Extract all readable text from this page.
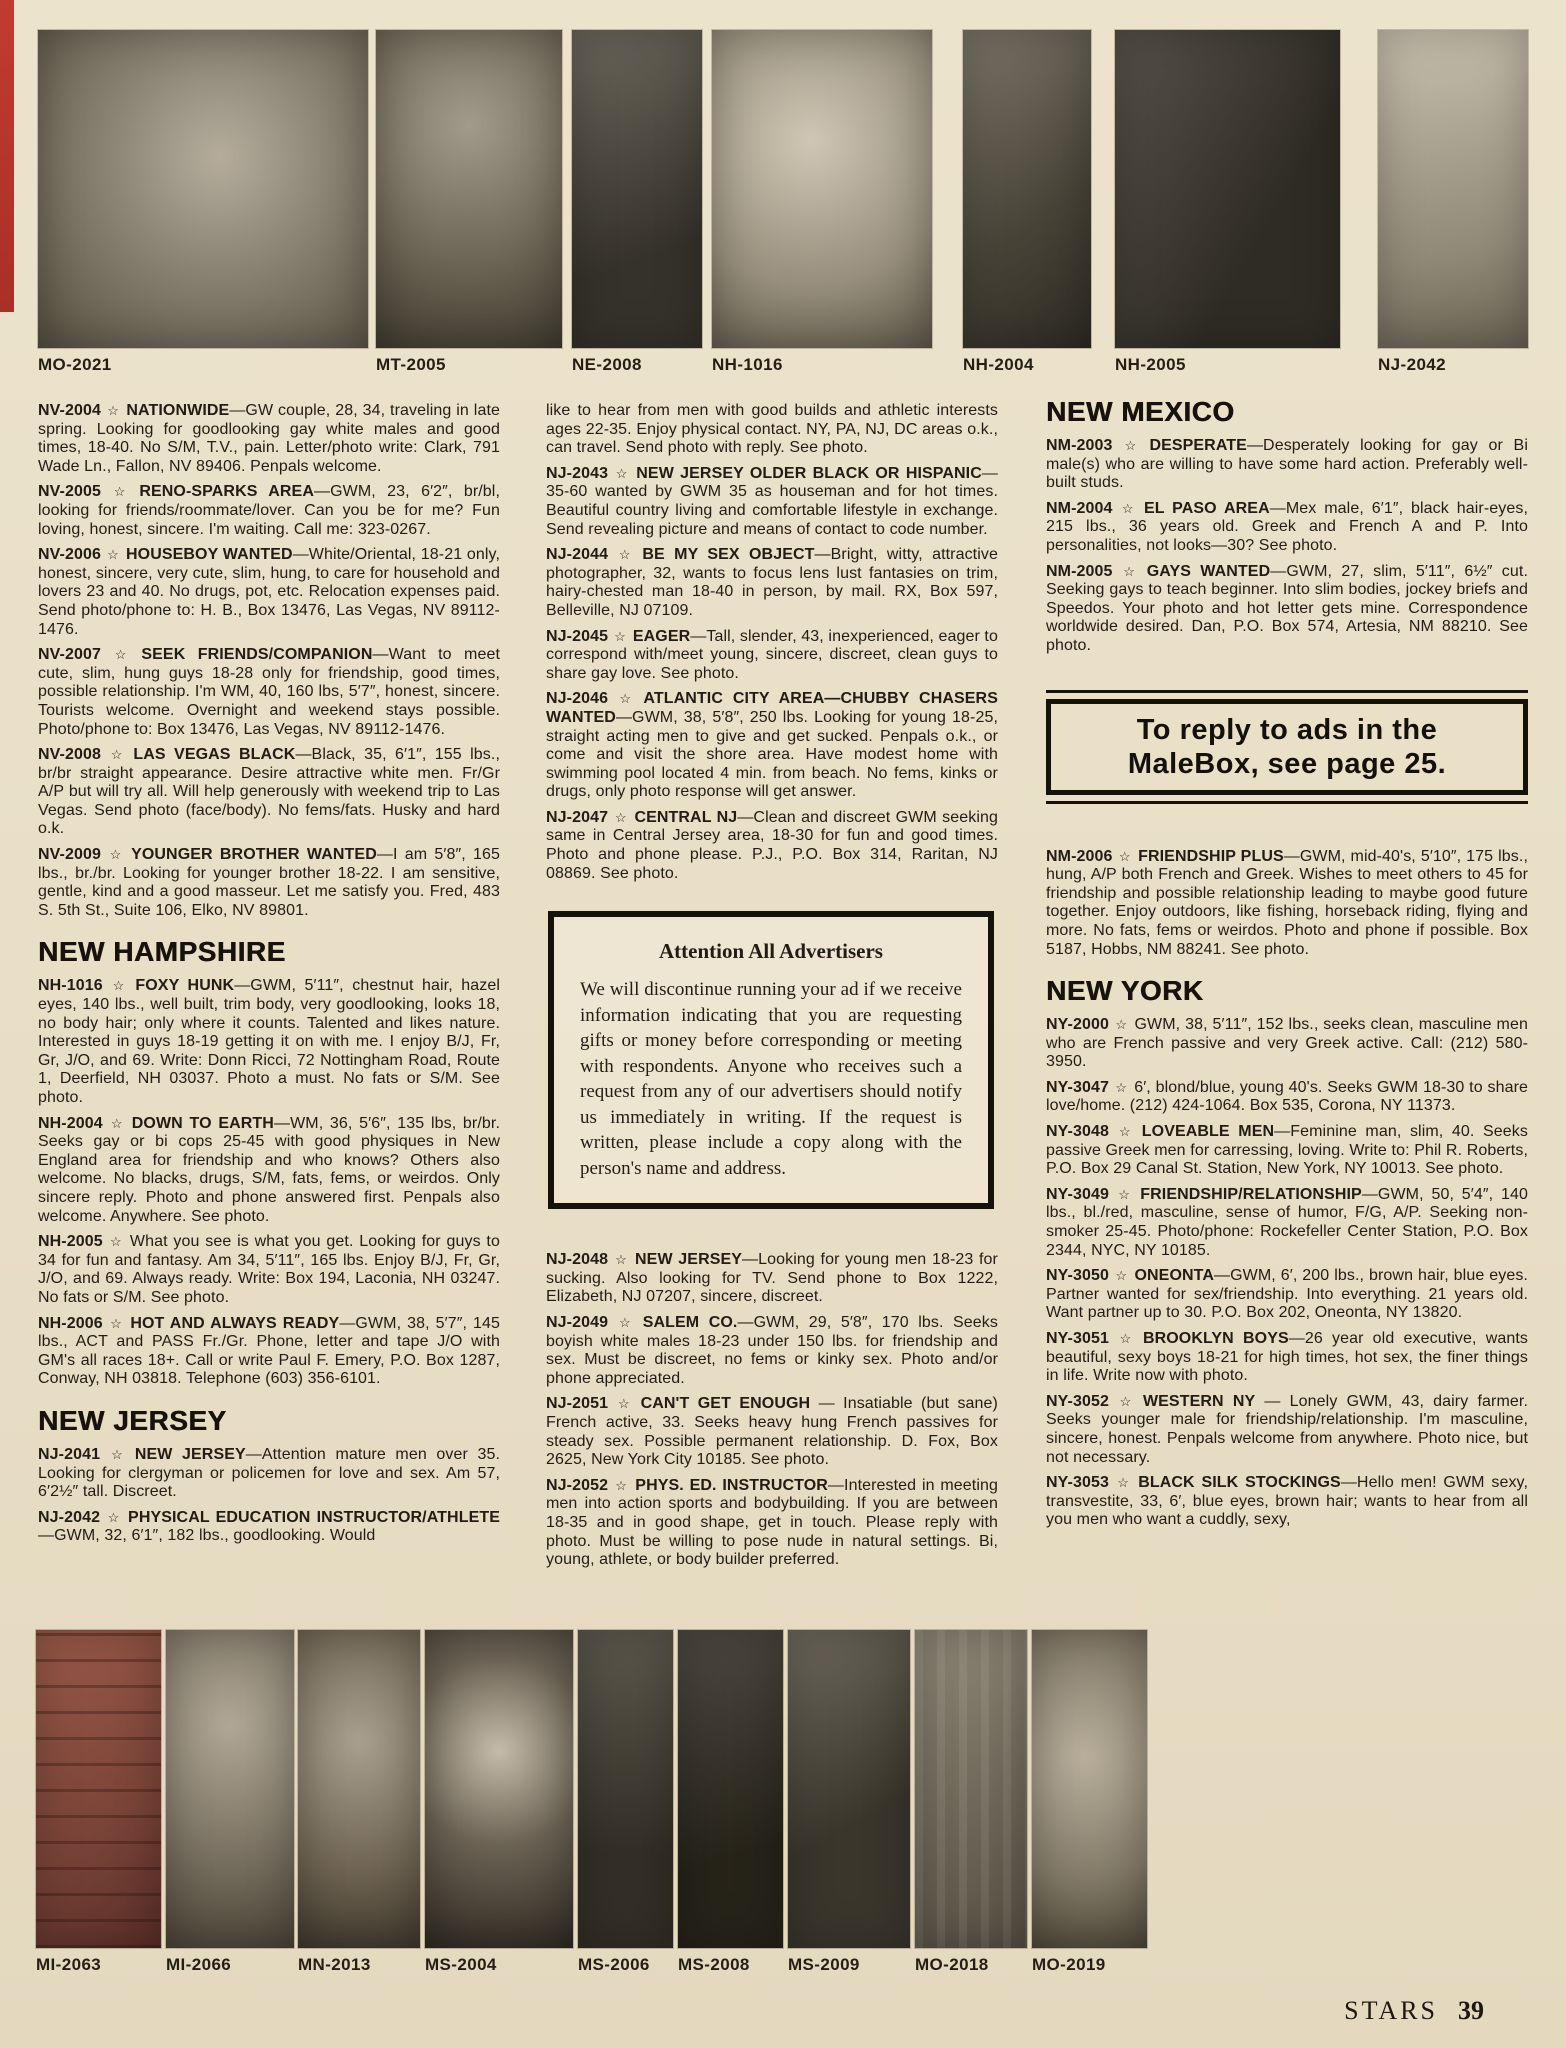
MO-2021	MT-2005	NE-2008	NH-1016	NH-2004	NH-2005	NJ-2042

NV-2004 ☆ NATIONWIDE—GW couple, 28, 34, traveling in late spring. Looking for goodlooking gay white males and good times, 18-40. No S/M, T.V., pain. Letter/photo write: Clark, 791 Wade Ln., Fallon, NV 89406. Penpals welcome.

NV-2005 ☆ RENO-SPARKS AREA—GWM, 23, 6′2″, br/bl, looking for friends/roommate/lover. Can you be for me? Fun loving, honest, sincere. I'm waiting. Call me: 323-0267.

NV-2006 ☆ HOUSEBOY WANTED—White/Oriental, 18-21 only, honest, sincere, very cute, slim, hung, to care for household and lovers 23 and 40. No drugs, pot, etc. Relocation expenses paid. Send photo/phone to: H. B., Box 13476, Las Vegas, NV 89112-1476.

NV-2007 ☆ SEEK FRIENDS/COMPANION—Want to meet cute, slim, hung guys 18-28 only for friendship, good times, possible relationship. I'm WM, 40, 160 lbs, 5′7″, honest, sincere. Tourists welcome. Overnight and weekend stays possible. Photo/phone to: Box 13476, Las Vegas, NV 89112-1476.

NV-2008 ☆ LAS VEGAS BLACK—Black, 35, 6′1″, 155 lbs., br/br straight appearance. Desire attractive white men. Fr/Gr A/P but will try all. Will help generously with weekend trip to Las Vegas. Send photo (face/body). No fems/fats. Husky and hard o.k.

NV-2009 ☆ YOUNGER BROTHER WANTED—I am 5′8″, 165 lbs., br./br. Looking for younger brother 18-22. I am sensitive, gentle, kind and a good masseur. Let me satisfy you. Fred, 483 S. 5th St., Suite 106, Elko, NV 89801.

NEW HAMPSHIRE

NH-1016 ☆ FOXY HUNK—GWM, 5′11″, chestnut hair, hazel eyes, 140 lbs., well built, trim body, very goodlooking, looks 18, no body hair; only where it counts. Talented and likes nature. Interested in guys 18-19 getting it on with me. I enjoy B/J, Fr, Gr, J/O, and 69. Write: Donn Ricci, 72 Nottingham Road, Route 1, Deerfield, NH 03037. Photo a must. No fats or S/M. See photo.

NH-2004 ☆ DOWN TO EARTH—WM, 36, 5′6″, 135 lbs, br/br. Seeks gay or bi cops 25-45 with good physiques in New England area for friendship and who knows? Others also welcome. No blacks, drugs, S/M, fats, fems, or weirdos. Only sincere reply. Photo and phone answered first. Penpals also welcome. Anywhere. See photo.

NH-2005 ☆ What you see is what you get. Looking for guys to 34 for fun and fantasy. Am 34, 5′11″, 165 lbs. Enjoy B/J, Fr, Gr, J/O, and 69. Always ready. Write: Box 194, Laconia, NH 03247. No fats or S/M. See photo.

NH-2006 ☆ HOT AND ALWAYS READY—GWM, 38, 5′7″, 145 lbs., ACT and PASS Fr./Gr. Phone, letter and tape J/O with GM's all races 18+. Call or write Paul F. Emery, P.O. Box 1287, Conway, NH 03818. Telephone (603) 356-6101.

NEW JERSEY

NJ-2041 ☆ NEW JERSEY—Attention mature men over 35. Looking for clergyman or policemen for love and sex. Am 57, 6′2½″ tall. Discreet.

NJ-2042 ☆ PHYSICAL EDUCATION INSTRUCTOR/ATHLETE—GWM, 32, 6′1″, 182 lbs., goodlooking. Would

like to hear from men with good builds and athletic interests ages 22-35. Enjoy physical contact. NY, PA, NJ, DC areas o.k., can travel. Send photo with reply. See photo.

NJ-2043 ☆ NEW JERSEY OLDER BLACK OR HISPANIC—35-60 wanted by GWM 35 as houseman and for hot times. Beautiful country living and comfortable lifestyle in exchange. Send revealing picture and means of contact to code number.

NJ-2044 ☆ BE MY SEX OBJECT—Bright, witty, attractive photographer, 32, wants to focus lens lust fantasies on trim, hairy-chested man 18-40 in person, by mail. RX, Box 597, Belleville, NJ 07109.

NJ-2045 ☆ EAGER—Tall, slender, 43, inexperienced, eager to correspond with/meet young, sincere, discreet, clean guys to share gay love. See photo.

NJ-2046 ☆ ATLANTIC CITY AREA—CHUBBY CHASERS WANTED—GWM, 38, 5′8″, 250 lbs. Looking for young 18-25, straight acting men to give and get sucked. Penpals o.k., or come and visit the shore area. Have modest home with swimming pool located 4 min. from beach. No fems, kinks or drugs, only photo response will get answer.

NJ-2047 ☆ CENTRAL NJ—Clean and discreet GWM seeking same in Central Jersey area, 18-30 for fun and good times. Photo and phone please. P.J., P.O. Box 314, Raritan, NJ 08869. See photo.

Attention All Advertisers

We will discontinue running your ad if we receive information indicating that you are requesting gifts or money before corresponding or meeting with respondents. Anyone who receives such a request from any of our advertisers should notify us immediately in writing. If the request is written, please include a copy along with the person's name and address.

NJ-2048 ☆ NEW JERSEY—Looking for young men 18-23 for sucking. Also looking for TV. Send phone to Box 1222, Elizabeth, NJ 07207, sincere, discreet.

NJ-2049 ☆ SALEM CO.—GWM, 29, 5′8″, 170 lbs. Seeks boyish white males 18-23 under 150 lbs. for friendship and sex. Must be discreet, no fems or kinky sex. Photo and/or phone appreciated.

NJ-2051 ☆ CAN'T GET ENOUGH — Insatiable (but sane) French active, 33. Seeks heavy hung French passives for steady sex. Possible permanent relationship. D. Fox, Box 2625, New York City 10185. See photo.

NJ-2052 ☆ PHYS. ED. INSTRUCTOR—Interested in meeting men into action sports and bodybuilding. If you are between 18-35 and in good shape, get in touch. Please reply with photo. Must be willing to pose nude in natural settings. Bi, young, athlete, or body builder preferred.

NEW MEXICO

NM-2003 ☆ DESPERATE—Desperately looking for gay or Bi male(s) who are willing to have some hard action. Preferably well-built studs.

NM-2004 ☆ EL PASO AREA—Mex male, 6′1″, black hair-eyes, 215 lbs., 36 years old. Greek and French A and P. Into personalities, not looks—30? See photo.

NM-2005 ☆ GAYS WANTED—GWM, 27, slim, 5′11″, 6½″ cut. Seeking gays to teach beginner. Into slim bodies, jockey briefs and Speedos. Your photo and hot letter gets mine. Correspondence worldwide desired. Dan, P.O. Box 574, Artesia, NM 88210. See photo.

To reply to ads in the
MaleBox, see page 25.

NM-2006 ☆ FRIENDSHIP PLUS—GWM, mid-40's, 5′10″, 175 lbs., hung, A/P both French and Greek. Wishes to meet others to 45 for friendship and possible relationship leading to maybe good future together. Enjoy outdoors, like fishing, horseback riding, flying and more. No fats, fems or weirdos. Photo and phone if possible. Box 5187, Hobbs, NM 88241. See photo.

NEW YORK

NY-2000 ☆ GWM, 38, 5′11″, 152 lbs., seeks clean, masculine men who are French passive and very Greek active. Call: (212) 580-3950.

NY-3047 ☆ 6′, blond/blue, young 40's. Seeks GWM 18-30 to share love/home. (212) 424-1064. Box 535, Corona, NY 11373.

NY-3048 ☆ LOVEABLE MEN—Feminine man, slim, 40. Seeks passive Greek men for carressing, loving. Write to: Phil R. Roberts, P.O. Box 29 Canal St. Station, New York, NY 10013. See photo.

NY-3049 ☆ FRIENDSHIP/RELATIONSHIP—GWM, 50, 5′4″, 140 lbs., bl./red, masculine, sense of humor, F/G, A/P. Seeking non-smoker 25-45. Photo/phone: Rockefeller Center Station, P.O. Box 2344, NYC, NY 10185.

NY-3050 ☆ ONEONTA—GWM, 6′, 200 lbs., brown hair, blue eyes. Partner wanted for sex/friendship. Into everything. 21 years old. Want partner up to 30. P.O. Box 202, Oneonta, NY 13820.

NY-3051 ☆ BROOKLYN BOYS—26 year old executive, wants beautiful, sexy boys 18-21 for high times, hot sex, the finer things in life. Write now with photo.

NY-3052 ☆ WESTERN NY — Lonely GWM, 43, dairy farmer. Seeks younger male for friendship/relationship. I'm masculine, sincere, honest. Penpals welcome from anywhere. Photo nice, but not necessary.

NY-3053 ☆ BLACK SILK STOCKINGS—Hello men! GWM sexy, transvestite, 33, 6′, blue eyes, brown hair; wants to hear from all you men who want a cuddly, sexy,

MI-2063	MI-2066	MN-2013	MS-2004	MS-2006	MS-2008	MS-2009	MO-2018	MO-2019
STARS 39
